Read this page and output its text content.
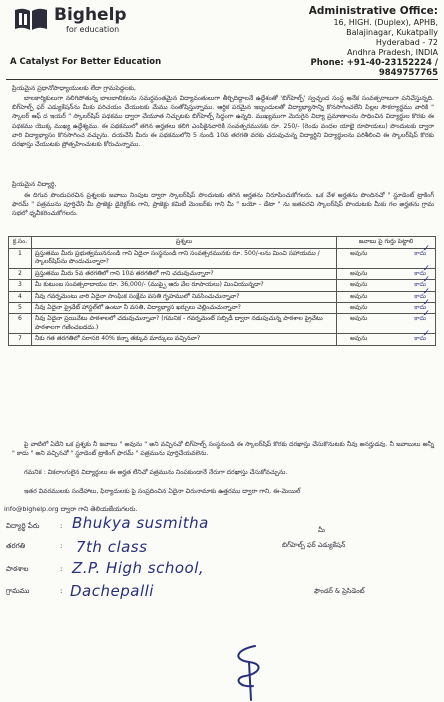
Bighelp
for education
A Catalyst For Better Education
Administrative Office:
16, HIGH. (Duplex), APHB,
Balajinagar, Kukatpally
Hyderabad - 72
Andhra Pradesh, INDIA
Phone: +91-40-23152224 / 9849757765
ప్రియమైన ప్రధానోపాధ్యాయులకు లేదా గ్రామపెద్దలకు,
బాలకార్మికులుగా నలిగిపోతున్న బాలబాలికలను సమర్థవంతమైన విద్యావంతులుగా తీర్చిదిద్దాలనే ఉద్దేశంతో 'బిగ్‌హెల్ప్' స్వచ్ఛంద సంస్థ అనేక సంవత్సరాలుగా పనిచేస్తున్నది. బిగ్‌హెల్ప్ ఫర్ ఎడ్యుకేషన్‌ను మీకు పరిచయం చేయుటకు మేము సంతోషిస్తున్నాము. ఆర్థిక పరమైన ఇబ్బందులతో విద్యాభ్యాసాన్ని కొనసాగించలేని పిల్లల సౌకర్యార్థము వారికి " స్కాలర్ ఆఫ్ ద ఇయర్ " స్కాలర్‌షిప్ పథకము ద్వారా చేయూత నిచ్చుటకు బిగ్‌హెల్ప్ సిద్ధంగా ఉన్నది. ముఖ్యముగా మెరుగైన విద్యా ప్రమాణాలను సాధించిన విద్యార్థుల కొరకు ఈ పథకము యొక్క ముఖ్య ఉద్దేశ్యము. ఈ పథకములో తగిన అర్హతలు కలిగి ఎంపికైనవారికి సంవత్సరమునకు రూ. 250/- (రెండు వందల యాభై రూపాయలు) పొందుటకు ద్వారా వారి విద్యాభ్యాసం కొనసాగించ వచ్చును. దయచేసి మీరు ఈ పథకములోని 5 నుండి 10వ తరగతి వరకు చదువుచున్న విద్యార్థిని విద్యార్థులను పరిశీలించి ఈ స్కాలర్‌షిప్ కొరకు దరఖాస్తు చేయుటకు ప్రోత్సహించుటకు కోరుచున్నాము.
ప్రియమైన విద్యార్థి,
ఈ దిగువ పొందుపరచిన ప్రశ్నలకు జవాబు నింపుట ద్వారా స్కాలర్‌షిప్ పొందుటకు తగిన అర్హతను నిరూపించుకోగలరు. ఒక వేళ అర్హతను పొందినచో " స్టూడెంట్ ట్రాకింగ్ ఫారమ్ " పత్రమును పూర్తిచేసి మీ ప్రాజెక్టు డైరెక్టర్‌కు గాని, ప్రాజెక్టు కమిటీ మెంబర్‌కు గాని మీ " బయో - డేటా " ను జతపరచి స్కాలర్‌షిప్ పొందుటకు మీకు గల అర్హతను గ్రామ సభలో ధృవీకరించుకోగలరు.
క్ర.సం.	ప్రశ్నలు	జవాబు పై గుర్తు పెట్టాలి
1	ప్రస్తుతము మీరు ప్రభుత్వముననుండి గాని ఏదైనా సంస్థనుండి గాని సంవత్సరమునకు రూ. 500/-లను మించి సహాయము / స్కాలర్‌షిప్‌ను పొందుచున్నారా?	అవును కాదు
✓

2	ప్రస్తుతము మీరు 5వ తరగతిలో గాని 10వ తరగతిలో గాని చదువుచున్నారా?	అవును కాదు
✓

3	మీ కుటుంబ సంవత్సరాదాయం రూ. 36,000/- (ముప్పై ఆరు వేల రూపాయలు) మించియున్నదా?	అవును కాదు
✓

4	నీవు గవర్నమెంటు వారి ఏదైనా సాంఘిక సంక్షేమ వసతి గృహములో నివసించుచున్నావా?	అవును కాదు
✓

5	నీవు ఏదైనా ప్రైవేట్ హాస్టల్‌లో ఉంటూ నీ వసతి, విద్యాభ్యాస ఖర్చులు చెల్లించుచున్నావా?	అవును కాదు
✓

6	నీవు ఏదైనా ప్రయివేటు పాఠశాలలో చదువుచున్నావా? (గమనిక - గవర్నమెంట్ సబ్సిడీ ద్వారా నడుపుచున్న పాఠశాల ప్రైవేటు పాఠశాలగా గణించబడదు.)	అవును కాదు
✓

7	నీకు గత తరగతిలో సరాసరి 40% కన్నా తక్కువ మార్కులు వచ్చినవా?	అవును కాదు
✓
పై వాటిలో ఏదేని ఒక ప్రశ్నకు నీ జవాబు " అవును " అని వచ్చినచో బిగ్‌హెల్ప్ సంస్థనుండి ఈ స్కాలర్‌షిప్ కొరకు దరఖాస్తు చేసుకొనుటకు నీవు అనర్హుడవు. నీ జవాబులు అన్నీ " కాదు " అని వచ్చినచో " స్టూడెంట్ ట్రాకింగ్ ఫారమ్ " పత్రమును పూర్తిచేయవలెను.
గమనిక : వికలాంగులైన విద్యార్థులు ఈ అర్హత లేనిచో పత్రమును నింపకుండానే నేరుగా దరఖాస్తు చేసుకోవచ్చును.
ఇతర వివరములకు సందేహాలు, ఫిర్యాదులకు పై సంప్రదించిన ఏదైనా చిరునామాకు ఉత్తరము ద్వారా గాని, ఈ-మెయిల్
info@bighelp.org ద్వారా గాని తెలియజేయగలరు.
విద్యార్థి పేరు	: Bhukya susmitha
తరగతి	: 7th class
పాఠశాల	: Z.P. High school,
గ్రామము	: Dachepalli
మీ
బిగ్‌హెల్ప్ ఫర్ ఎడ్యుకేషన్
ఫౌండర్ & ప్రెసిడెంట్
